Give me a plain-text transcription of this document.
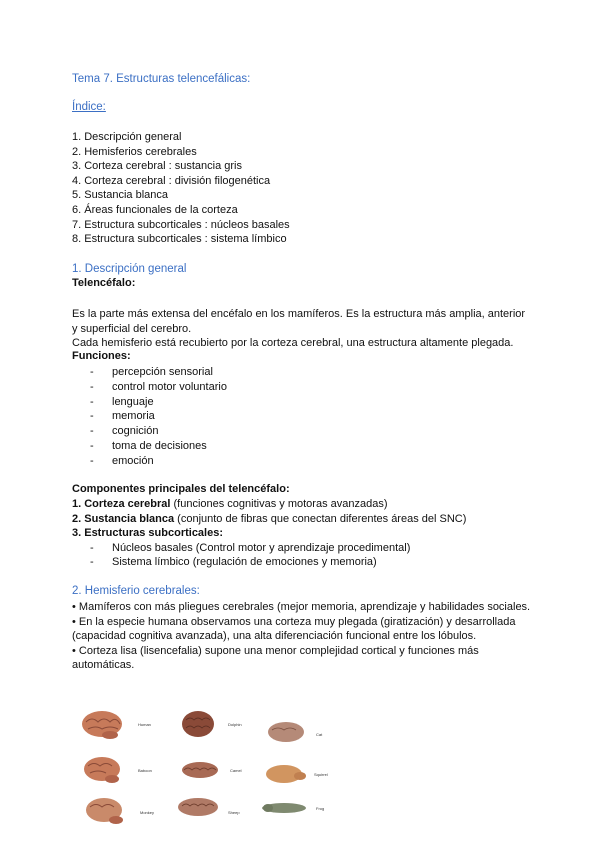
Tema 7. Estructuras telencefálicas:
Índice:
1. Descripción general
2. Hemisferios cerebrales
3. Corteza cerebral : sustancia gris
4. Corteza cerebral : división filogenética
5. Sustancia blanca
6. Áreas funcionales de la corteza
7. Estructura subcorticales : núcleos basales
8. Estructura subcorticales : sistema límbico
1. Descripción general
Telencéfalo:
Es la parte más extensa del encéfalo en los mamíferos. Es la estructura más amplia, anterior y superficial del cerebro.
Cada hemisferio está recubierto por la corteza cerebral, una estructura altamente plegada.
Funciones:
- percepción sensorial
- control motor voluntario
- lenguaje
- memoria
- cognición
- toma de decisiones
- emoción
Componentes principales del telencéfalo:
1. Corteza cerebral (funciones cognitivas y motoras avanzadas)
2. Sustancia blanca (conjunto de fibras que conectan diferentes áreas del SNC)
3. Estructuras subcorticales:
- Núcleos basales (Control motor y aprendizaje procedimental)
- Sistema límbico (regulación de emociones y memoria)
2. Hemisferio cerebrales:

• Mamíferos con más pliegues cerebrales (mejor memoria, aprendizaje y habilidades sociales.

• En la especie humana observamos una corteza muy plegada (giratización) y desarrollada (capacidad cognitiva avanzada), una alta diferenciación funcional entre los lóbulos.

• Corteza lisa (lisencefalia) supone una menor complejidad cortical y funciones más automáticas.

Human
Baboon
Monkey
Dolphin
Camel
Sheep
Cat
Squirrel
Frog
